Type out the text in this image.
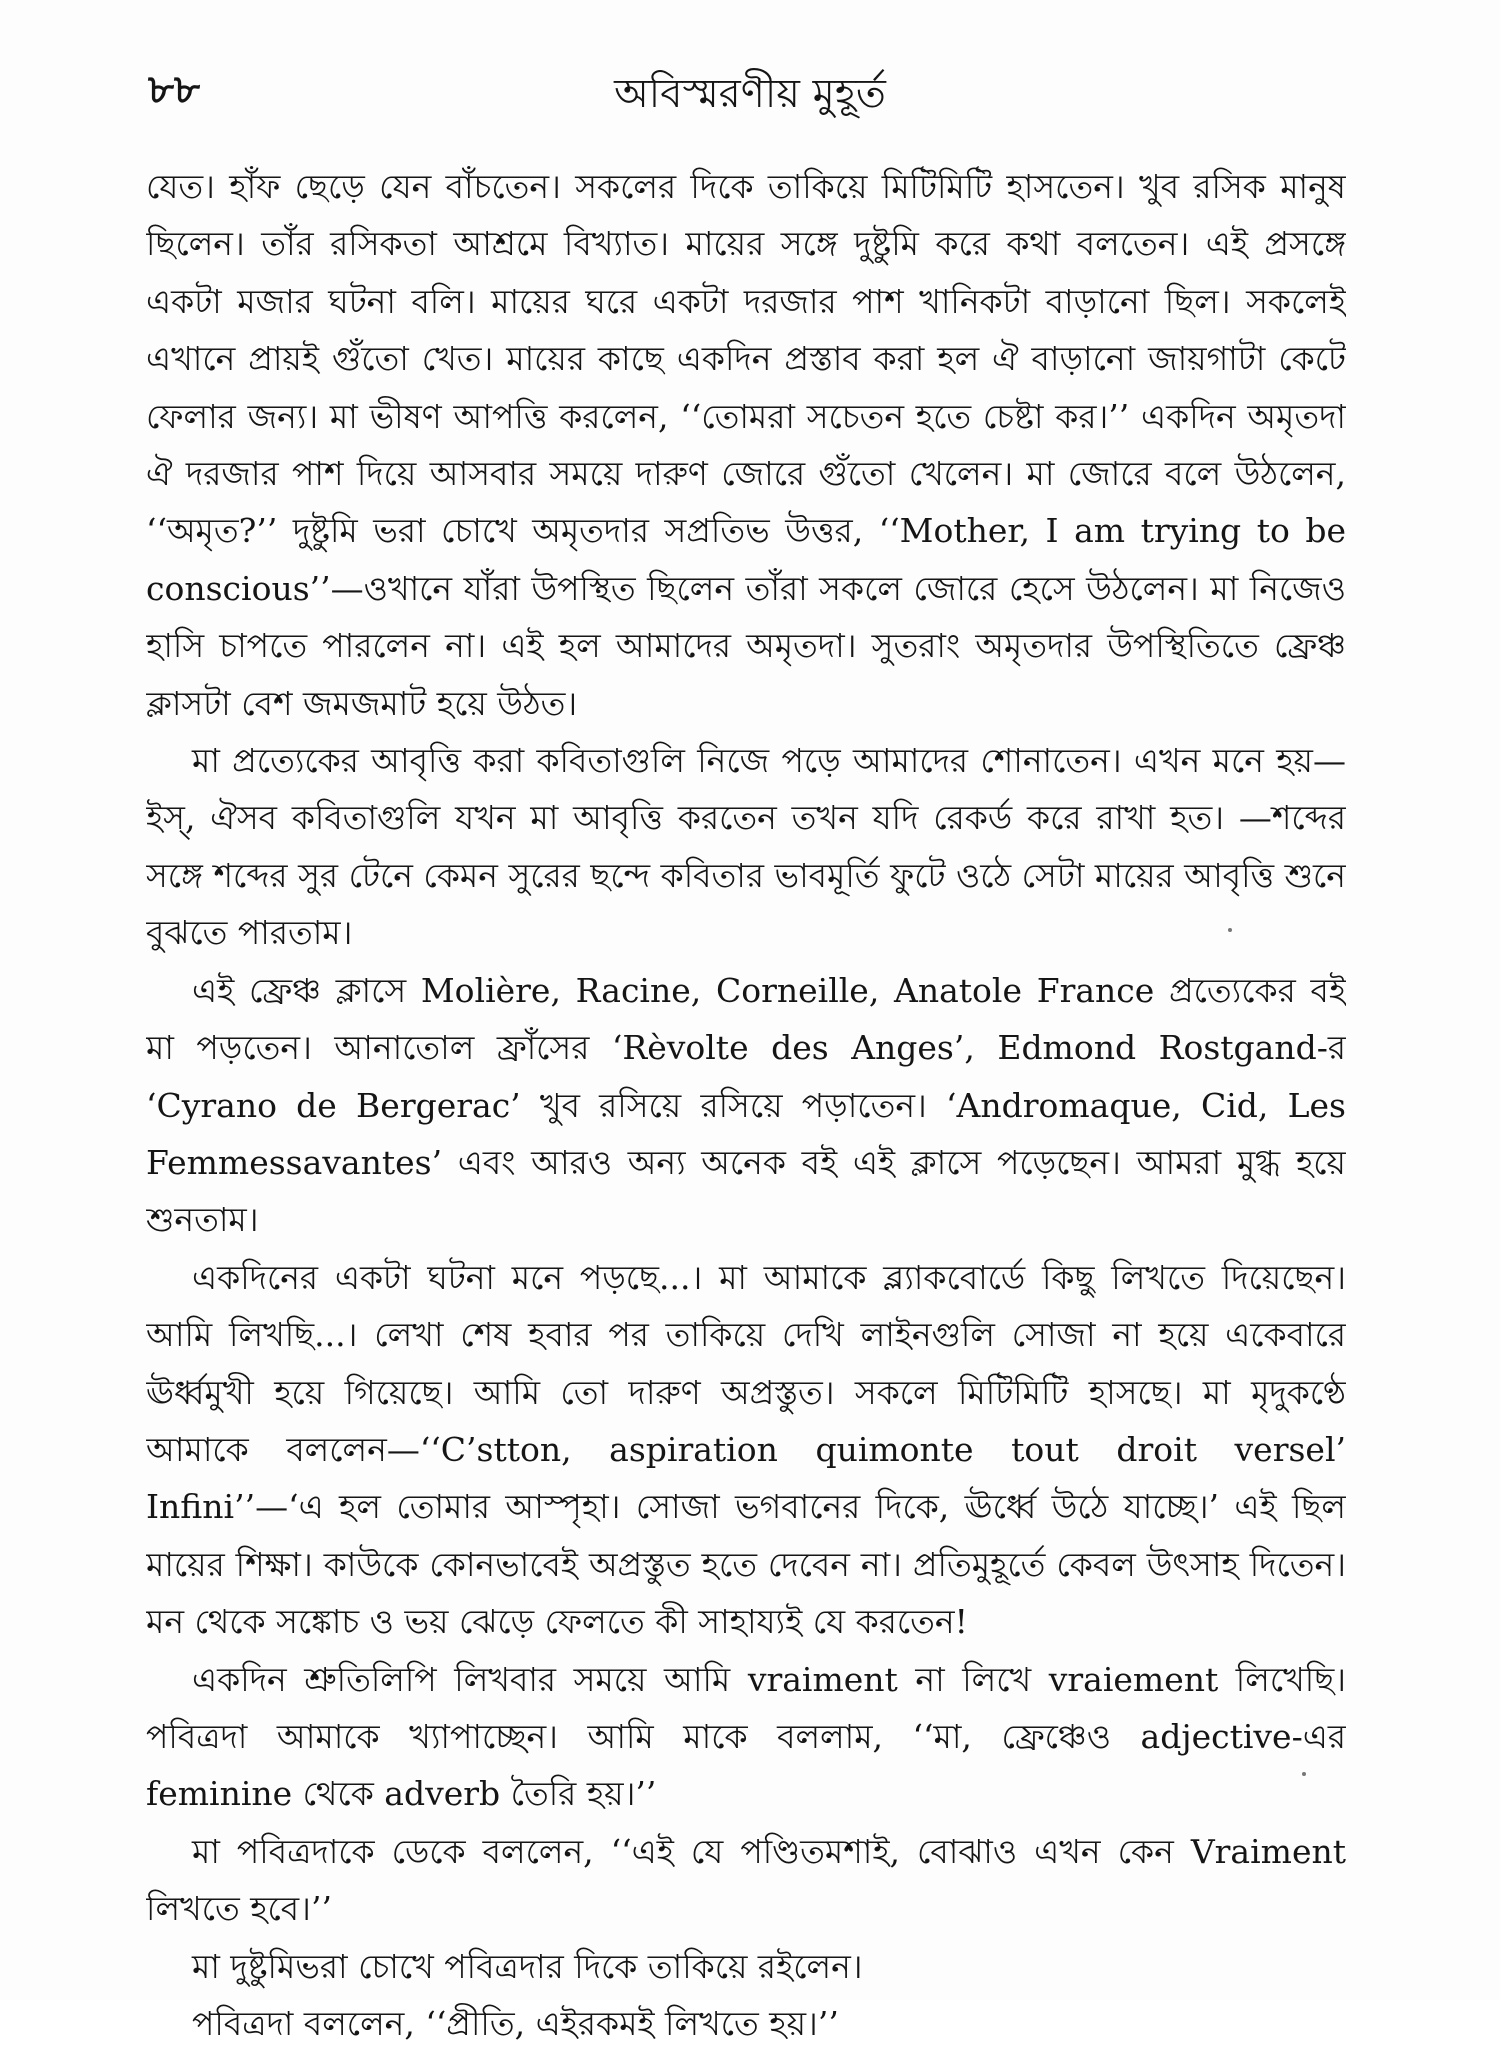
৮৮	অবিস্মরণীয় মুহূর্ত

যেত। হাঁফ ছেড়ে যেন বাঁচতেন। সকলের দিকে তাকিয়ে মিটিমিটি হাসতেন। খুব রসিক মানুষ ছিলেন। তাঁর রসিকতা আশ্রমে বিখ্যাত। মায়ের সঙ্গে দুষ্টুমি করে কথা বলতেন। এই প্রসঙ্গে একটা মজার ঘটনা বলি। মায়ের ঘরে একটা দরজার পাশ খানিকটা বাড়ানো ছিল। সকলেই এখানে প্রায়ই গুঁতো খেত। মায়ের কাছে একদিন প্রস্তাব করা হল ঐ বাড়ানো জায়গাটা কেটে ফেলার জন্য। মা ভীষণ আপত্তি করলেন, ‘‘তোমরা সচেতন হতে চেষ্টা কর।’’ একদিন অমৃতদা ঐ দরজার পাশ দিয়ে আসবার সময়ে দারুণ জোরে গুঁতো খেলেন। মা জোরে বলে উঠলেন, ‘‘অমৃত?’’ দুষ্টুমি ভরা চোখে অমৃতদার সপ্রতিভ উত্তর, ‘‘Mother, I am trying to be conscious’’—ওখানে যাঁরা উপস্থিত ছিলেন তাঁরা সকলে জোরে হেসে উঠলেন। মা নিজেও হাসি চাপতে পারলেন না। এই হল আমাদের অমৃতদা। সুতরাং অমৃতদার উপস্থিতিতে ফ্রেঞ্চ ক্লাসটা বেশ জমজমাট হয়ে উঠত।

মা প্রত্যেকের আবৃত্তি করা কবিতাগুলি নিজে পড়ে আমাদের শোনাতেন। এখন মনে হয়—ইস্, ঐসব কবিতাগুলি যখন মা আবৃত্তি করতেন তখন যদি রেকর্ড করে রাখা হত। —শব্দের সঙ্গে শব্দের সুর টেনে কেমন সুরের ছন্দে কবিতার ভাবমূর্তি ফুটে ওঠে সেটা মায়ের আবৃত্তি শুনে বুঝতে পারতাম।

এই ফ্রেঞ্চ ক্লাসে Molière, Racine, Corneille, Anatole France প্রত্যেকের বই মা পড়তেন। আনাতোল ফ্রাঁসের ‘Rèvolte des Anges’, Edmond Rostgand-র ‘Cyrano de Bergerac’ খুব রসিয়ে রসিয়ে পড়াতেন। ‘Andromaque, Cid, Les Femmessavantes’ এবং আরও অন্য অনেক বই এই ক্লাসে পড়েছেন। আমরা মুগ্ধ হয়ে শুনতাম।

একদিনের একটা ঘটনা মনে পড়ছে...। মা আমাকে ব্ল্যাকবোর্ডে কিছু লিখতে দিয়েছেন। আমি লিখছি...। লেখা শেষ হবার পর তাকিয়ে দেখি লাইনগুলি সোজা না হয়ে একেবারে ঊর্ধ্বমুখী হয়ে গিয়েছে। আমি তো দারুণ অপ্রস্তুত। সকলে মিটিমিটি হাসছে। মা মৃদুকণ্ঠে আমাকে বললেন—‘‘C’stton, aspiration quimonte tout droit versel’ Infini’’—‘এ হল তোমার আস্পৃহা। সোজা ভগবানের দিকে, ঊর্ধ্বে উঠে যাচ্ছে।’ এই ছিল মায়ের শিক্ষা। কাউকে কোনভাবেই অপ্রস্তুত হতে দেবেন না। প্রতিমুহূর্তে কেবল উৎসাহ দিতেন। মন থেকে সঙ্কোচ ও ভয় ঝেড়ে ফেলতে কী সাহায্যই যে করতেন!

একদিন শ্রুতিলিপি লিখবার সময়ে আমি vraiment না লিখে vraiement লিখেছি। পবিত্রদা আমাকে খ্যাপাচ্ছেন। আমি মাকে বললাম, ‘‘মা, ফ্রেঞ্চেও adjective-এর feminine থেকে adverb তৈরি হয়।’’

মা পবিত্রদাকে ডেকে বললেন, ‘‘এই যে পণ্ডিতমশাই, বোঝাও এখন কেন Vraiment লিখতে হবে।’’

মা দুষ্টুমিভরা চোখে পবিত্রদার দিকে তাকিয়ে রইলেন।

পবিত্রদা বললেন, ‘‘প্রীতি, এইরকমই লিখতে হয়।’’
